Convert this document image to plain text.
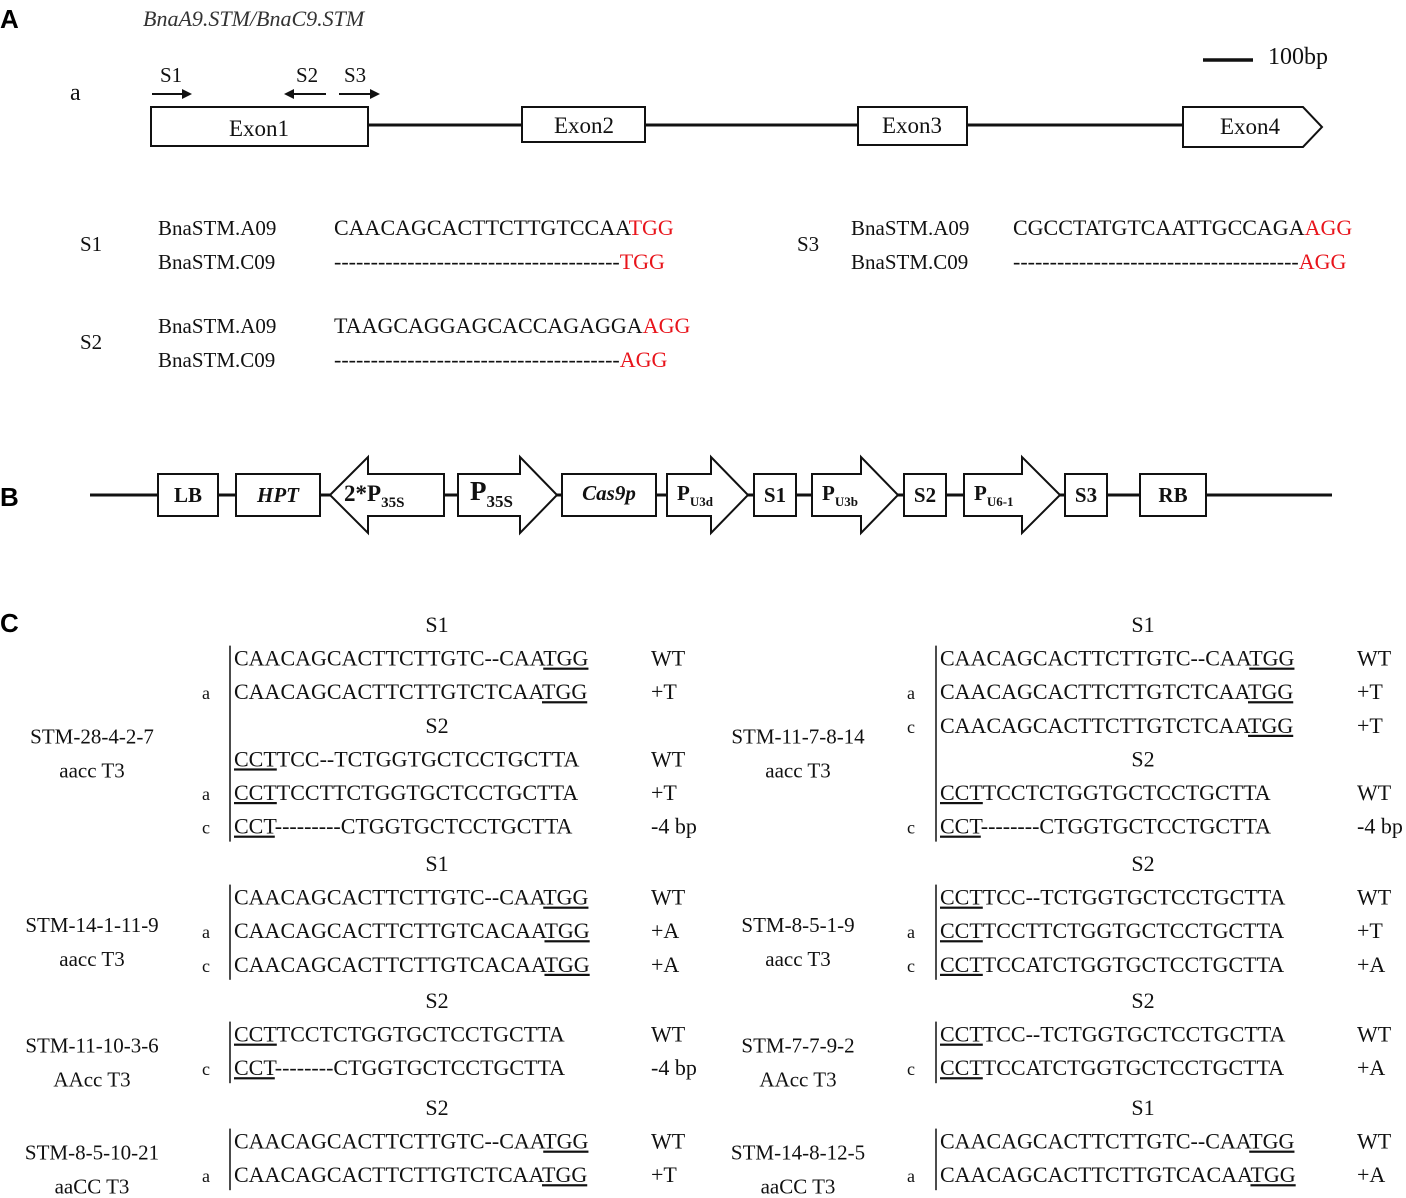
A	BnaA9.STM/BnaC9.STM
a
100bp
S1	S2 S3
Exon1	Exon2	Exon3	Exon4
S1
BnaSTM.A09	CAACAGCACTTCTTGTCCAATGG
BnaSTM.C09	---------------------------------------TGG
S3
BnaSTM.A09 CGCCTATGTCAATTGCCAGAAGG
BnaSTM.C09 ---------------------------------------AGG
S2
BnaSTM.A09	TAAGCAGGAGCACCAGAGGAAGG
BnaSTM.C09	---------------------------------------AGG
B	LB	HPT 2*P35S P35S	Cas9p $P_{U3d}$ S1 $P_{U3b}$	S2 $P_{U6-1}$	S3	RB
C	S1
CAACAGCACTTCTTGTC--CAATGG	WT
a CAACAGCACTTCTTGTCTCAATGG	+T
S2
CCTTCC--TCTGGTGCTCCTGCTTA	WT
a CCTTCCTTCTGGTGCTCCTGCTTA	+T
c CCT---------CTGGTGCTCCTGCTTA	-4 bp
STM-28-4-2-7
aacc T3
S1
CAACAGCACTTCTTGTC--CAATGG	WT
a CAACAGCACTTCTTGTCTCAATGG	+T
c CAACAGCACTTCTTGTCTCAATGG	+T
S2
CCTTCCTCTGGTGCTCCTGCTTA	WT
c CCT--------CTGGTGCTCCTGCTTA	-4 bp
STM-11-7-8-14
aacc T3
S1
CAACAGCACTTCTTGTC--CAATGG	WT
a CAACAGCACTTCTTGTCACAATGG	+A
c CAACAGCACTTCTTGTCACAATGG	+A
STM-14-1-11-9
aacc T3
S2
CCTTCC--TCTGGTGCTCCTGCTTA	WT
a CCTTCCTTCTGGTGCTCCTGCTTA	+T
c CCTTCCATCTGGTGCTCCTGCTTA	+A
STM-8-5-1-9
aacc T3
S2
CCTTCCTCTGGTGCTCCTGCTTA	WT
c CCT--------CTGGTGCTCCTGCTTA	-4 bp
STM-11-10-3-6
AAcc T3
S2
CCTTCC--TCTGGTGCTCCTGCTTA	WT
c CCTTCCATCTGGTGCTCCTGCTTA	+A
STM-7-7-9-2
AAcc T3
S2
CAACAGCACTTCTTGTC--CAATGG	WT
a CAACAGCACTTCTTGTCTCAATGG	+T
STM-8-5-10-21
aaCC T3
S1
CAACAGCACTTCTTGTC--CAATGG	WT
a CAACAGCACTTCTTGTCACAATGG	+A
STM-14-8-12-5
aaCC T3
